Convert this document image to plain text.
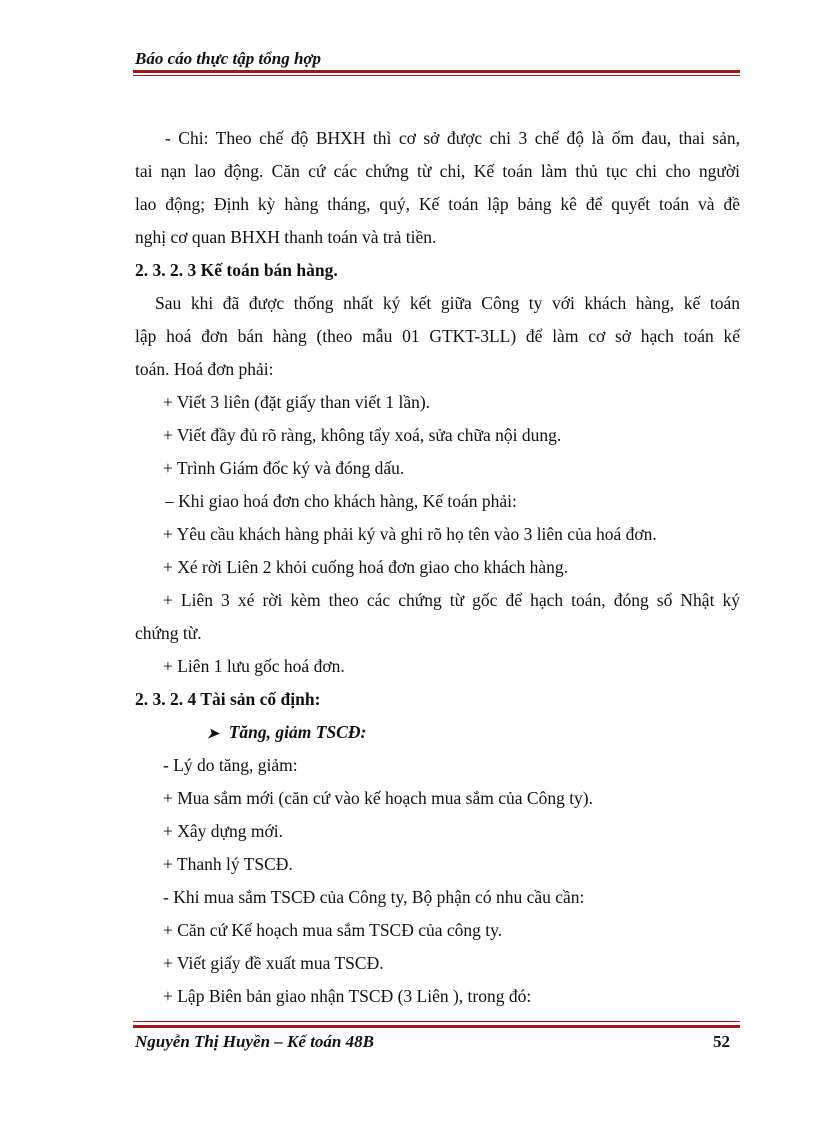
Báo cáo thực tập tổng hợp
- Chi: Theo chế độ BHXH thì cơ sở được chi 3 chế độ là ốm đau, thai sản,
tai nạn lao động. Căn cứ các chứng từ chi, Kế toán làm thủ tục chi cho người
lao động; Định kỳ hàng tháng, quý, Kế toán lập bảng kê để quyết toán và đề
nghị cơ quan BHXH thanh toán và trả tiền.
2. 3. 2. 3 Kế toán bán hàng.
Sau khi đã được thống nhất ký kết giữa Công ty với khách hàng, kế toán
lập hoá đơn bán hàng (theo mẫu 01 GTKT-3LL) để làm cơ sở hạch toán kế
toán. Hoá đơn phải:
+ Viết 3 liên (đặt giấy than viết 1 lần).
+ Viết đầy đủ rõ ràng, không tẩy xoá, sửa chữa nội dung.
+ Trình Giám đốc ký và đóng dấu.
– Khi giao hoá đơn cho khách hàng, Kế toán phải:
+ Yêu cầu khách hàng phải ký và ghi rõ họ tên vào 3 liên của hoá đơn.
+ Xé rời Liên 2 khỏi cuống hoá đơn giao cho khách hàng.
+ Liên 3 xé rời kèm theo các chứng từ gốc để hạch toán, đóng sổ Nhật ký
chứng từ.
+ Liên 1 lưu gốc hoá đơn.
2. 3. 2. 4 Tài sản cố định:
➤ Tăng, giảm TSCĐ:
- Lý do tăng, giảm:
+ Mua sắm mới (căn cứ vào kế hoạch mua sắm của Công ty).
+ Xây dựng mới.
+ Thanh lý TSCĐ.
- Khi mua sắm TSCĐ của Công ty, Bộ phận có nhu cầu cần:
+ Căn cứ Kế hoạch mua sắm TSCĐ của công ty.
+ Viết giấy đề xuất mua TSCĐ.
+ Lập Biên bản giao nhận TSCĐ (3 Liên ), trong đó:
Nguyễn Thị Huyền – Kế toán 48B	52
